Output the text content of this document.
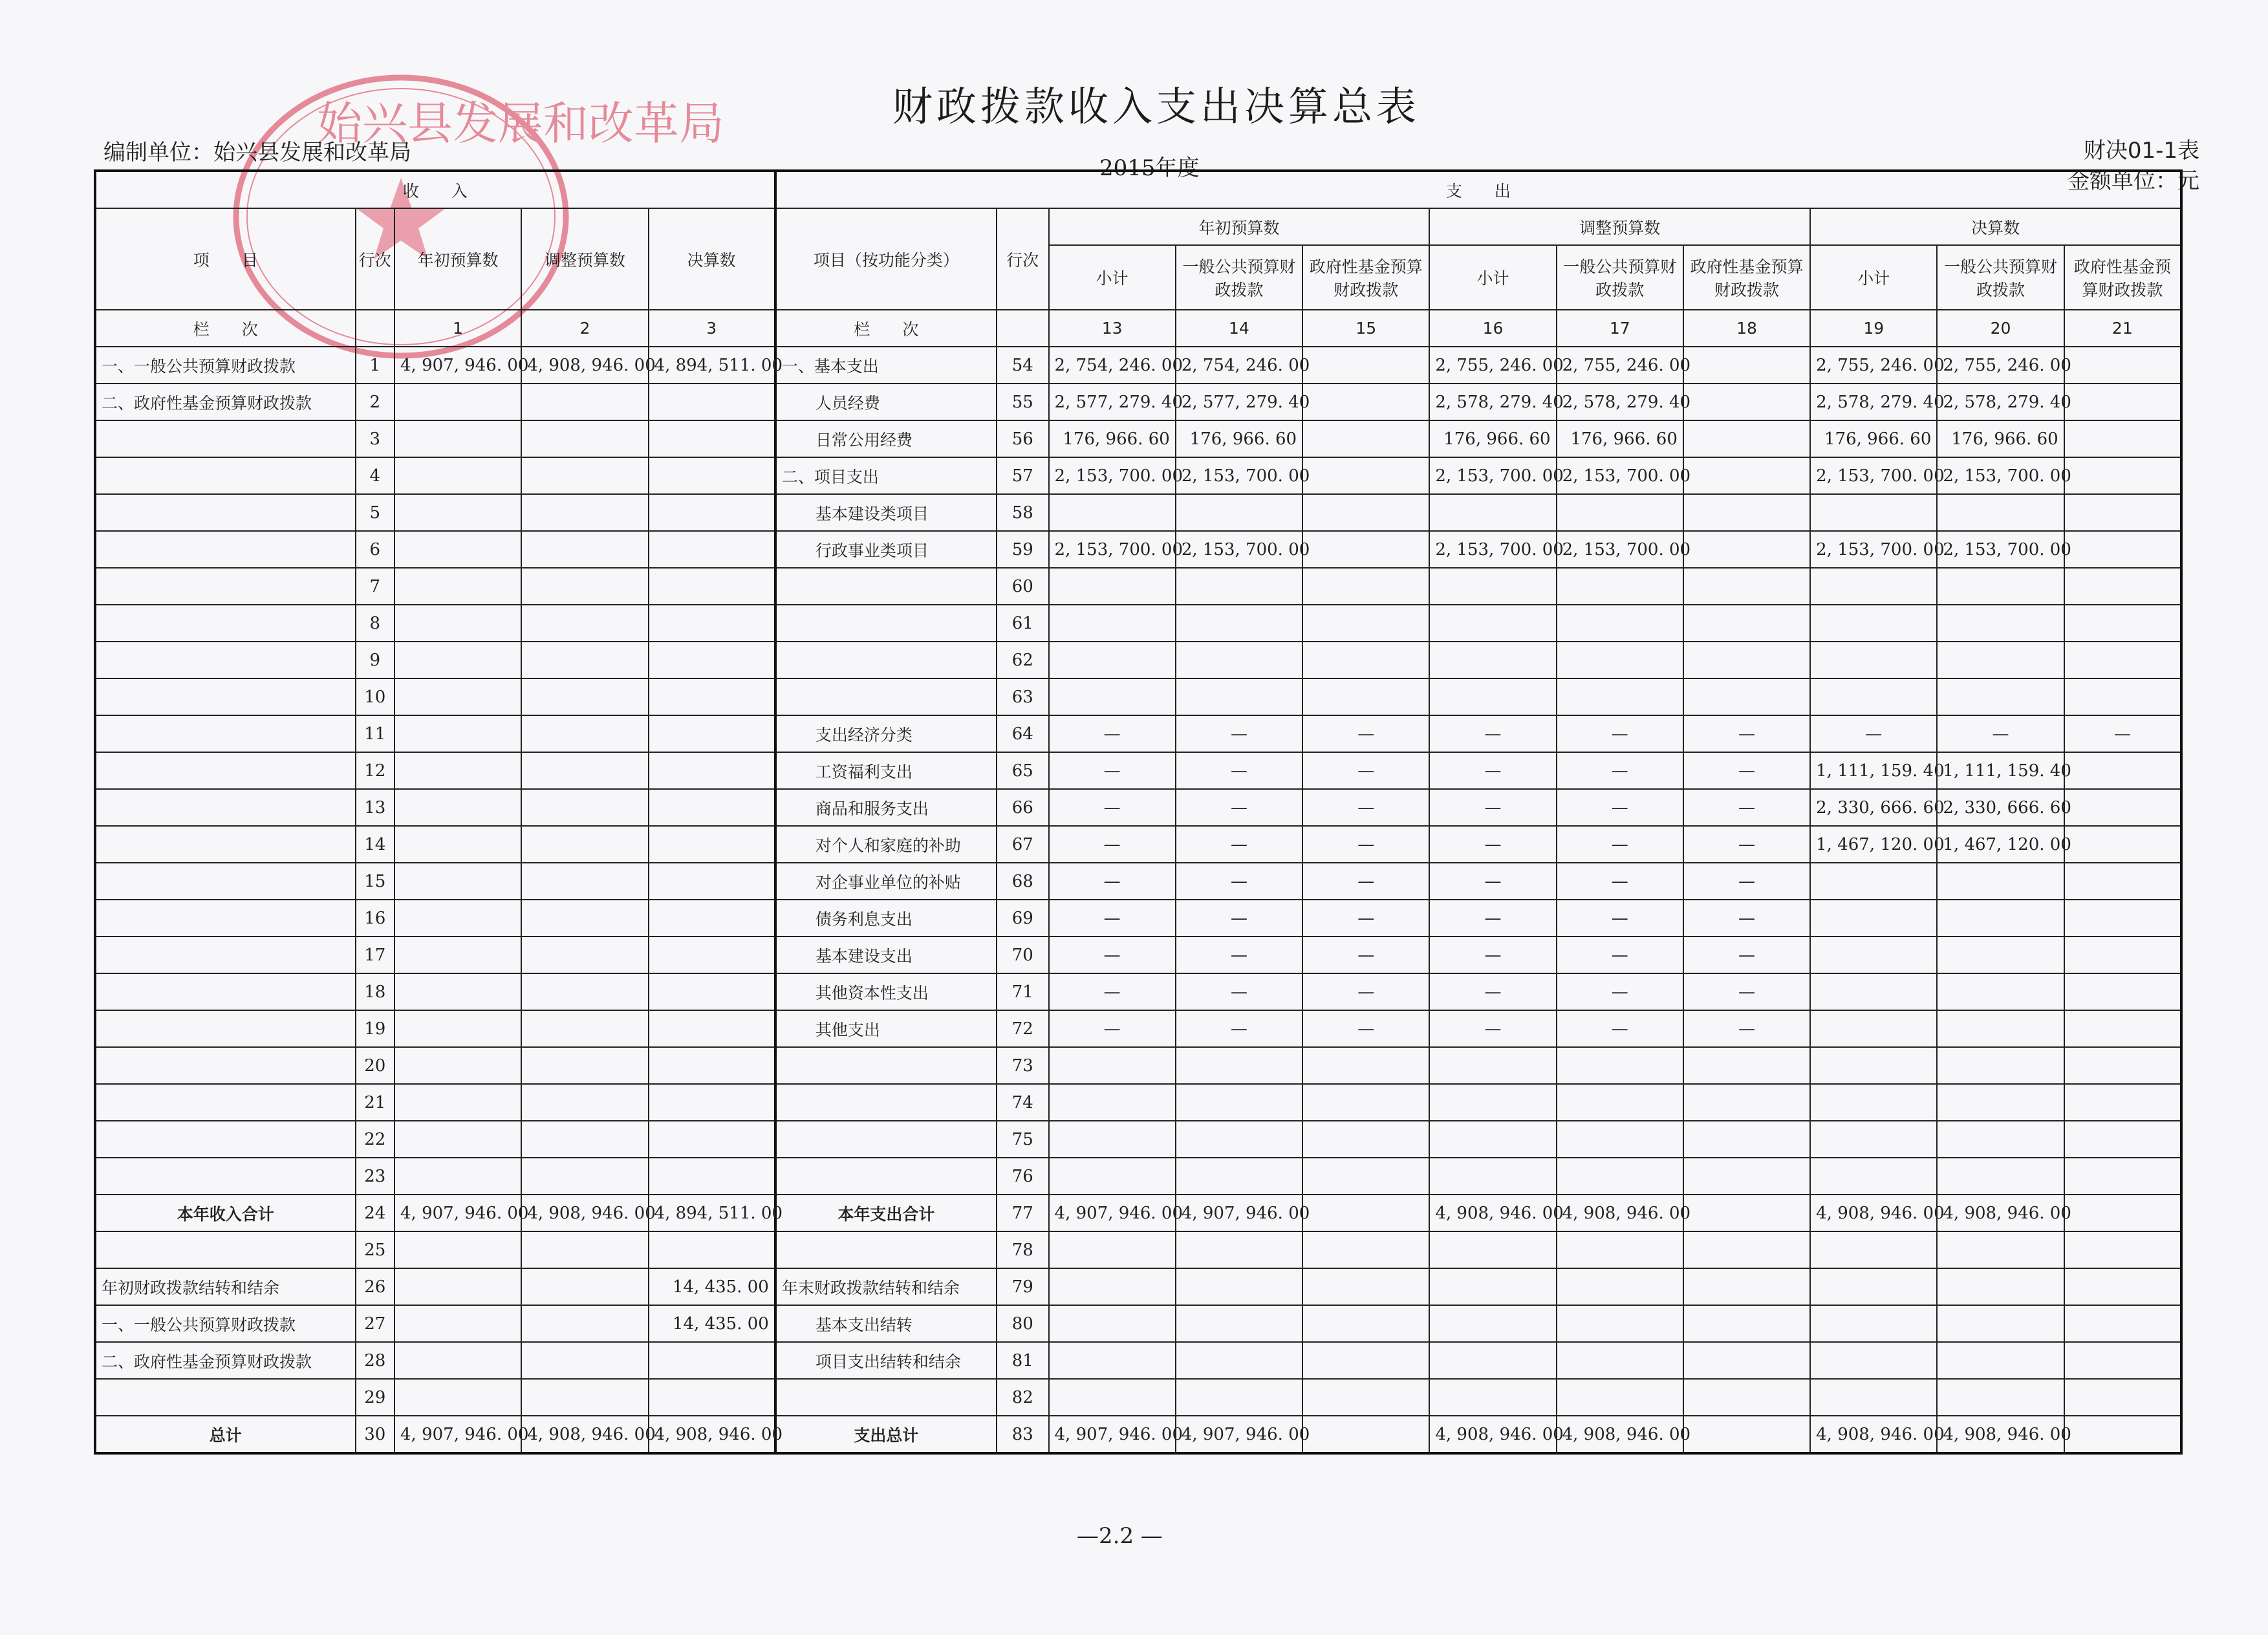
始兴县发展和改革局	财政拨款收入支出决算总表
编制单位：始兴县发展和改革局
2015年度
财决01-1表
金额单位：元
收　　入					支　　出										
项　　目	行次	年初预算数	调整预算数	决算数	项目（按功能分类）	行次	年初预算数			调整预算数			决算数		
							小计	一般公共预算财政拨款	政府性基金预算财政拨款	小计	一般公共预算财政拨款	政府性基金预算财政拨款	小计	一般公共预算财政拨款	政府性基金预算财政拨款
栏　　次		1	2	3	栏　　次		13	14	15	16	17	18	19	20	21
一、一般公共预算财政拨款	1	4, 907, 946. 00	4, 908, 946. 00	4, 894, 511. 00	一、基本支出	54	2, 754, 246. 00	2, 754, 246. 00		2, 755, 246. 00	2, 755, 246. 00		2, 755, 246. 00	2, 755, 246. 00	
二、政府性基金预算财政拨款	2				人员经费	55	2, 577, 279. 40	2, 577, 279. 40		2, 578, 279. 40	2, 578, 279. 40		2, 578, 279. 40	2, 578, 279. 40	
	3				日常公用经费	56	176, 966. 60	176, 966. 60		176, 966. 60	176, 966. 60		176, 966. 60	176, 966. 60	
	4				二、项目支出	57	2, 153, 700. 00	2, 153, 700. 00		2, 153, 700. 00	2, 153, 700. 00		2, 153, 700. 00	2, 153, 700. 00	
	5				基本建设类项目	58									
	6				行政事业类项目	59	2, 153, 700. 00	2, 153, 700. 00		2, 153, 700. 00	2, 153, 700. 00		2, 153, 700. 00	2, 153, 700. 00	
	7					60									
	8					61									
	9					62									
	10					63									
	11				支出经济分类	64	—	—	—	—	—	—	—	—	—
	12				工资福利支出	65	—	—	—	—	—	—	1, 111, 159. 40	1, 111, 159. 40	
	13				商品和服务支出	66	—	—	—	—	—	—	2, 330, 666. 60	2, 330, 666. 60	
	14				对个人和家庭的补助	67	—	—	—	—	—	—	1, 467, 120. 00	1, 467, 120. 00	
	15				对企事业单位的补贴	68	—	—	—	—	—	—			
	16				债务利息支出	69	—	—	—	—	—	—			
	17				基本建设支出	70	—	—	—	—	—	—			
	18				其他资本性支出	71	—	—	—	—	—	—			
	19				其他支出	72	—	—	—	—	—	—			
	20					73									
	21					74									
	22					75									
	23					76									
本年收入合计	24	4, 907, 946. 00	4, 908, 946. 00	4, 894, 511. 00	本年支出合计	77	4, 907, 946. 00	4, 907, 946. 00		4, 908, 946. 00	4, 908, 946. 00		4, 908, 946. 00	4, 908, 946. 00	
	25					78									
年初财政拨款结转和结余	26			14, 435. 00	年末财政拨款结转和结余	79									
一、一般公共预算财政拨款	27			14, 435. 00	基本支出结转	80									
二、政府性基金预算财政拨款	28				项目支出结转和结余	81									
	29					82									
总计	30	4, 907, 946. 00	4, 908, 946. 00	4, 908, 946. 00	支出总计	83	4, 907, 946. 00	4, 907, 946. 00		4, 908, 946. 00	4, 908, 946. 00		4, 908, 946. 00	4, 908, 946. 00	
—2.2 —
